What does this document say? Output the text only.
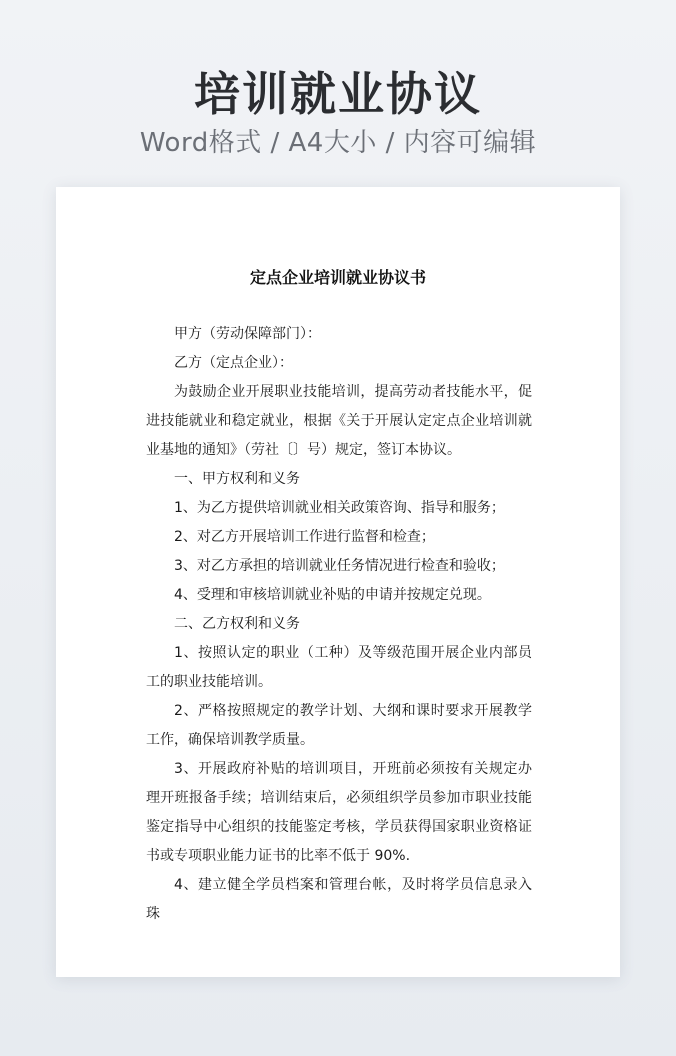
培训就业协议
Word格式 / A4大小 / 内容可编辑
定点企业培训就业协议书

甲方（劳动保障部门）：

乙方（定点企业）：

为鼓励企业开展职业技能培训，提高劳动者技能水平，促进技能就业和稳定就业，根据《关于开展认定定点企业培训就业基地的通知》（劳社〔〕号）规定，签订本协议。

一、甲方权利和义务

1、为乙方提供培训就业相关政策咨询、指导和服务；

2、对乙方开展培训工作进行监督和检查；

3、对乙方承担的培训就业任务情况进行检查和验收；

4、受理和审核培训就业补贴的申请并按规定兑现。

二、乙方权利和义务

1、按照认定的职业（工种）及等级范围开展企业内部员工的职业技能培训。

2、严格按照规定的教学计划、大纲和课时要求开展教学工作，确保培训教学质量。

3、开展政府补贴的培训项目，开班前必须按有关规定办理开班报备手续；培训结束后，必须组织学员参加市职业技能鉴定指导中心组织的技能鉴定考核，学员获得国家职业资格证书或专项职业能力证书的比率不低于 90%.

4、建立健全学员档案和管理台帐，及时将学员信息录入珠
